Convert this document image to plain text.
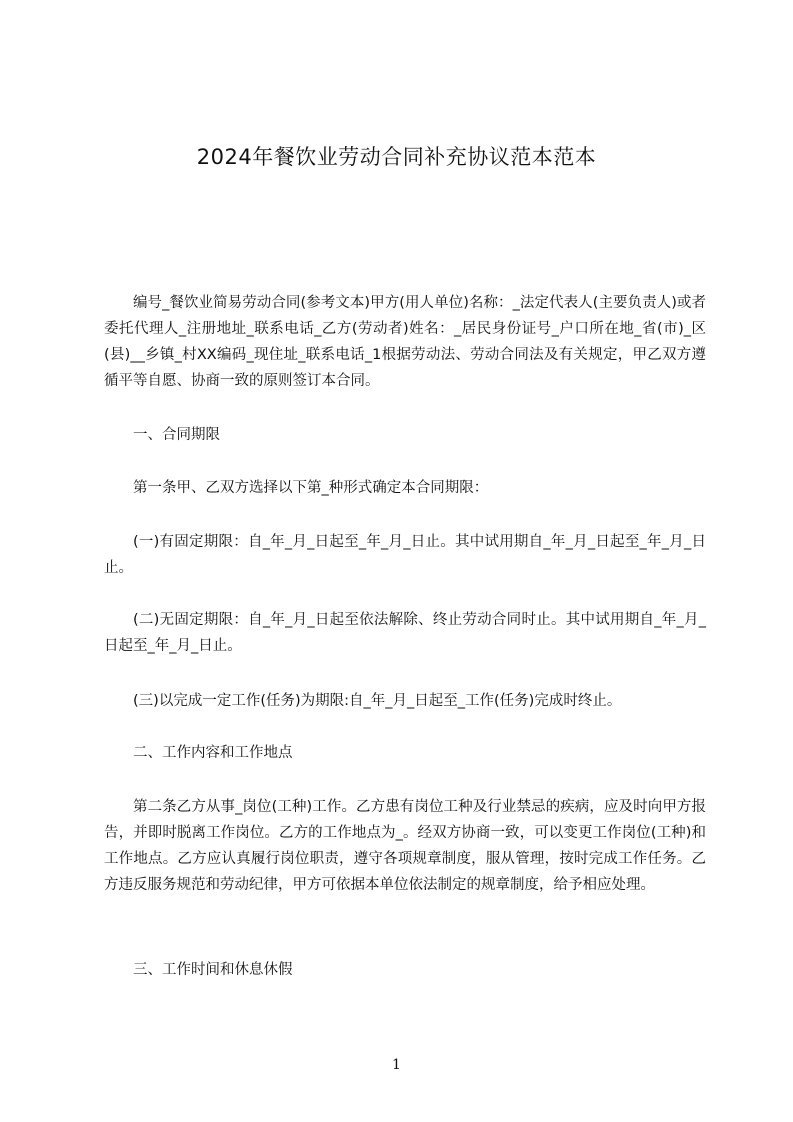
2024年餐饮业劳动合同补充协议范本范本

编号_餐饮业简易劳动合同(参考文本)甲方(用人单位)名称：_法定代表人(主要负责人)或者委托代理人_注册地址_联系电话_乙方(劳动者)姓名：_居民身份证号_户口所在地_省(市)_区(县)__乡镇_村XX编码_现住址_联系电话_1根据劳动法、劳动合同法及有关规定，甲乙双方遵循平等自愿、协商一致的原则签订本合同。

一、合同期限

第一条甲、乙双方选择以下第_种形式确定本合同期限：

(一)有固定期限：自_年_月_日起至_年_月_日止。其中试用期自_年_月_日起至_年_月_日止。

(二)无固定期限：自_年_月_日起至依法解除、终止劳动合同时止。其中试用期自_年_月_日起至_年_月_日止。

(三)以完成一定工作(任务)为期限:自_年_月_日起至_工作(任务)完成时终止。

二、工作内容和工作地点

第二条乙方从事_岗位(工种)工作。乙方患有岗位工种及行业禁忌的疾病，应及时向甲方报告，并即时脱离工作岗位。乙方的工作地点为_。经双方协商一致，可以变更工作岗位(工种)和工作地点。乙方应认真履行岗位职责，遵守各项规章制度，服从管理，按时完成工作任务。乙方违反服务规范和劳动纪律，甲方可依据本单位依法制定的规章制度，给予相应处理。

三、工作时间和休息休假

1
